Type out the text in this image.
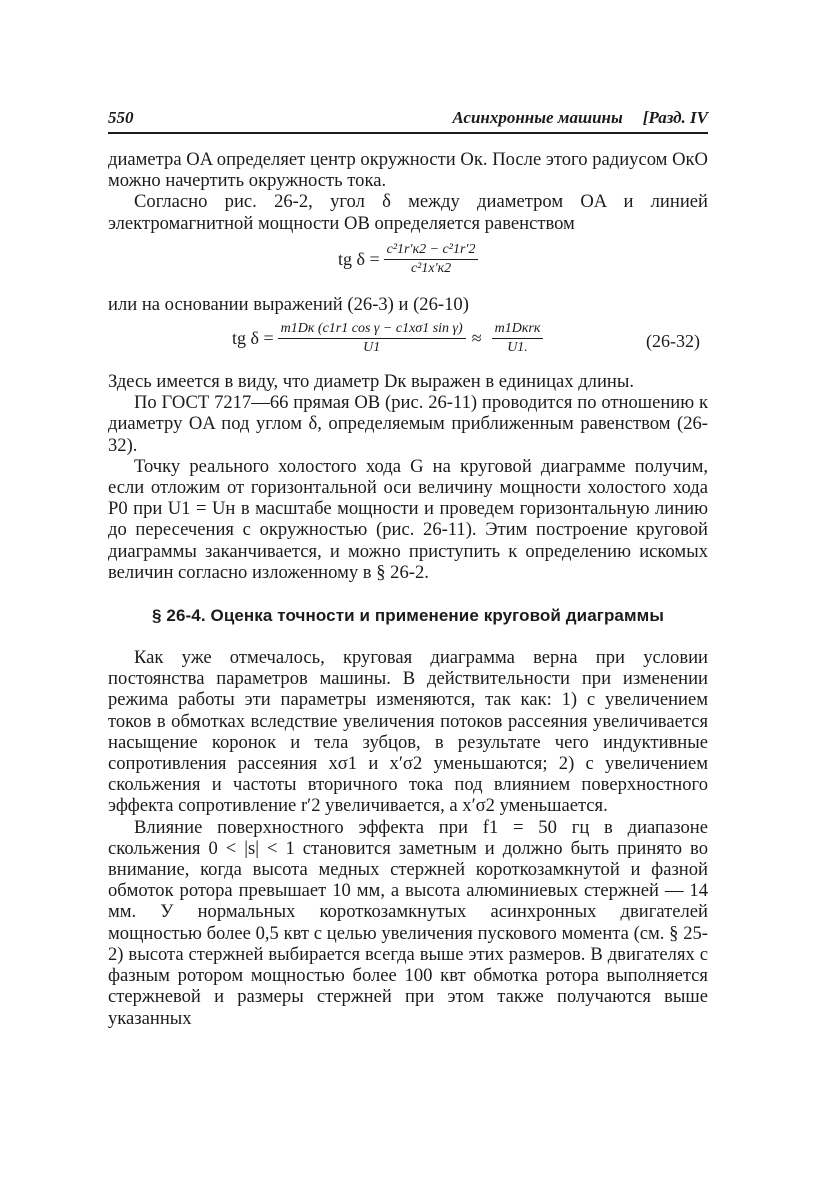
550	Асинхронные машины [Разд. IV

диаметра OA определяет центр окружности Oк. После этого радиусом OкO можно начертить окружность тока.

Согласно рис. 26-2, угол δ между диаметром OA и линией электромагнитной мощности OB определяется равенством

tg $\delta = \frac{\text{c²1r′к2 − c²1r′2}}{\text{c²1x′к2}}$

или на основании выражений (26-3) и (26-10)

tg $\delta = \frac{\text{m1Dк (c1r1 cos γ − c1xσ1 sin γ)}}{U1} \approx \frac{\text{m1Dкrк}}{U1.}$	(26-32)

Здесь имеется в виду, что диаметр Dк выражен в единицах длины.

По ГОСТ 7217—66 прямая OB (рис. 26-11) проводится по отношению к диаметру OA под углом δ, определяемым приближенным равенством (26-32).

Точку реального холостого хода G на круговой диаграмме получим, если отложим от горизонтальной оси величину мощности холостого хода P0 при U1 = Uн в масштабе мощности и проведем горизонтальную линию до пересечения с окружностью (рис. 26-11). Этим построение круговой диаграммы заканчивается, и можно приступить к определению искомых величин согласно изложенному в § 26-2.

§ 26-4. Оценка точности и применение круговой диаграммы

Как уже отмечалось, круговая диаграмма верна при условии постоянства параметров машины. В действительности при изменении режима работы эти параметры изменяются, так как: 1) с увеличением токов в обмотках вследствие увеличения потоков рассеяния увеличивается насыщение коронок и тела зубцов, в результате чего индуктивные сопротивления рассеяния xσ1 и x′σ2 уменьшаются; 2) с увеличением скольжения и частоты вторичного тока под влиянием поверхностного эффекта сопротивление r′2 увеличивается, а x′σ2 уменьшается.

Влияние поверхностного эффекта при f1 = 50 гц в диапазоне скольжения 0 < |s| < 1 становится заметным и должно быть принято во внимание, когда высота медных стержней короткозамкнутой и фазной обмоток ротора превышает 10 мм, а высота алюминиевых стержней — 14 мм. У нормальных короткозамкнутых асинхронных двигателей мощностью более 0,5 квт с целью увеличения пускового момента (см. § 25-2) высота стержней выбирается всегда выше этих размеров. В двигателях с фазным ротором мощностью более 100 квт обмотка ротора выполняется стержневой и размеры стержней при этом также получаются выше указанных
